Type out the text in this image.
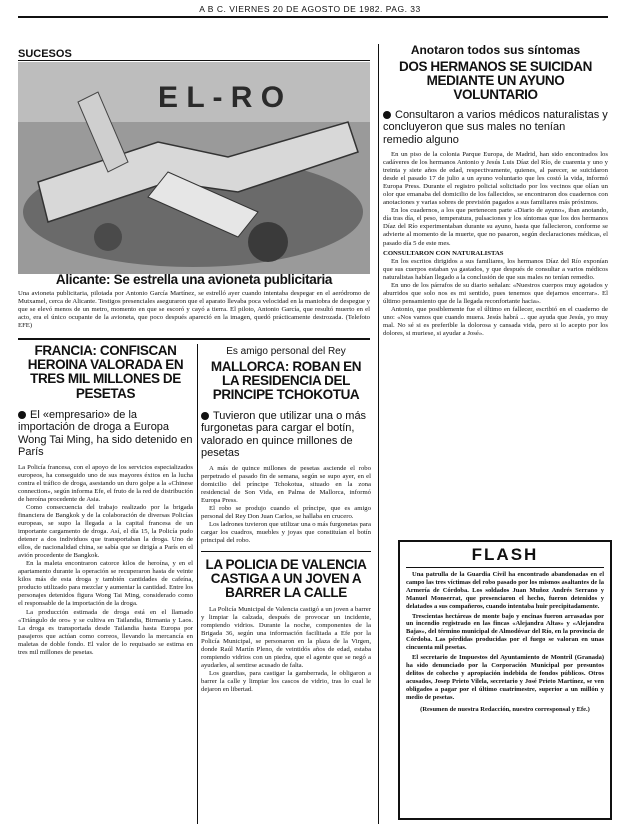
A B C. VIERNES 20 DE AGOSTO DE 1982. PAG. 33
SUCESOS
E L - R O
Alicante: Se estrella una avioneta publicitaria
Una avioneta publicitaria, pilotada por Antonio García Martínez, se estrelló ayer cuando intentaba despegar en el aeródromo de Mutxamel, cerca de Alicante. Testigos presenciales aseguraron que el aparato llevaba poca velocidad en la maniobra de despegue y que se elevó menos de un metro, momento en que se escoró y cayó a tierra. El piloto, Antonio García, que resultó muerto en el acto, era el único ocupante de la avioneta, que poco después apareció en la imagen, quedó prácticamente destrozada. (Telefoto EFE)
FRANCIA: CONFISCAN HEROINA VALORADA EN TRES MIL MILLONES DE PESETAS
El «empresario» de la importación de droga a Europa Wong Tai Ming, ha sido detenido en París

La Policía francesa, con el apoyo de los servicios especializados europeos, ha conseguido uno de sus mayores éxitos en la lucha contra el tráfico de droga, asestando un duro golpe a la «Chinese connection», según informa Efe, el fruto de la red de distribución de heroína procedente de Asia.

Como consecuencia del trabajo realizado por la brigada financiera de Bangkok y de la colaboración de diversas Policías europeas, se supo la llegada a la capital francesa de un importante cargamento de droga. Así, el día 15, la Policía pudo detener a dos individuos que transportaban la droga. Uno de ellos, de nacionalidad china, se sabía que se dirigía a París en el avión procedente de Bangkok.

En la maleta encontraron catorce kilos de heroína, y en el apartamento durante la operación se recuperaron hasta de veinte kilos más de esta droga y también cantidades de cafeína, producto utilizado para mezclar y aumentar la cantidad. Entre los personajes detenidos figura Wong Tai Ming, considerado como el responsable de la importación de la droga.

La producción estimada de droga está en el llamado «Triángulo de oro» y se cultiva en Tailandia, Birmania y Laos. La droga es transportada desde Tailandia hasta Europa por pasajeros que actúan como correos, llevando la mercancía en maletas de doble fondo. El valor de lo requisado se estima en tres mil millones de pesetas.

Es amigo personal del Rey
MALLORCA: ROBAN EN LA RESIDENCIA DEL PRINCIPE TCHOKOTUA
Tuvieron que utilizar una o más furgonetas para cargar el botín, valorado en quince millones de pesetas

A más de quince millones de pesetas asciende el robo perpetrado el pasado fin de semana, según se supo ayer, en el domicilio del príncipe Tchokotua, situado en la zona residencial de Son Vida, en Palma de Mallorca, informó Europa Press.

El robo se produjo cuando el príncipe, que es amigo personal del Rey Don Juan Carlos, se hallaba en crucero.

Los ladrones tuvieron que utilizar una o más furgonetas para cargar los cuadros, muebles y joyas que constituían el botín principal del robo.

LA POLICIA DE VALENCIA CASTIGA A UN JOVEN A BARRER LA CALLE

La Policía Municipal de Valencia castigó a un joven a barrer y limpiar la calzada, después de provocar un incidente, rompiendo vidrios. Durante la noche, componentes de la Brigada 36, según una información facilitada a Efe por la Policía Municipal, se personaron en la plaza de la Virgen, donde Raúl Martín Pleno, de veintidós años de edad, estaba rompiendo vidrios con un piedra, que el agente que se negó a ayudarles, al sentirse acusado de falta.

Los guardias, para castigar la gamberrada, le obligaron a barrer la calle y limpiar los cascos de vidrio, tras lo cual le dejaron en libertad.

Anotaron todos sus síntomas
DOS HERMANOS SE SUICIDAN MEDIANTE UN AYUNO VOLUNTARIO
Consultaron a varios médicos naturalistas y concluyeron que sus males no tenían remedio alguno

En un piso de la colonia Parque Europa, de Madrid, han sido encontrados los cadáveres de los hermanos Antonio y Jesús Luis Díaz del Río, de cuarenta y uno y treinta y siete años de edad, respectivamente, quienes, al parecer, se suicidaron desde el pasado 17 de julio a un ayuno voluntario que les costó la vida, informó Europa Press. Durante el registro policial solicitado por los vecinos que olían un olor que emanaba del domicilio de los fallecidos, se encontraron dos cuadernos con anotaciones y varias sobres de previsión pagados a sus familiares más próximos.

En los cuadernos, a los que pertenecen parte «Diario de ayuno», iban anotando, día tras día, el peso, temperatura, pulsaciones y los síntomas que los dos hermanos Díaz del Río experimentaban durante su ayuno, hasta que fallecieron, conforme se advierte al momento de la muerte, que no pasaron, según declaraciones médicas, el pasado día 5 de este mes.

CONSULTARON CON NATURALISTAS

En los escritos dirigidos a sus familiares, los hermanos Díaz del Río exponían que sus cuerpos estaban ya gastados, y que después de consultar a varios médicos naturalistas habían llegado a la conclusión de que sus males no tenían remedio.

En uno de los párrafos de su diario señalan: «Nuestros cuerpos muy agotados y aburridos que solo nos es mi sentido, pues tenemos que dejarnos encerrar». El último pensamiento que de la llegada reconfortante hacia».

Antonio, que posiblemente fue el último en fallecer, escribió en el cuaderno de uno: «Nos vamos que cuando muera. Jesús habrá ... que ayuda que Jesús, yo muy mal. No sé si es preferible la dolorosa y cansada vida, pero si lo acepto por los dolores, si muriese, si ayudar a José».

FLASH

Una patrulla de la Guardia Civil ha encontrado abandonadas en el campo las tres víctimas del robo pasado por los mismos asaltantes de la Armería de Córdoba. Los soldados Juan Muñoz Andrés Serrano y Manuel Monserrat, que presenciaron el hecho, fueron detenidos y delatados a sus compañeros, cuando intentaba huir precipitadamente.

Trescientas hectáreas de monte bajo y encinas fueron arrasadas por un incendio registrado en las fincas «Alejandra Altas» y «Alejandra Bajas», del término municipal de Almodóvar del Río, en la provincia de Córdoba. Las pérdidas producidas por el fuego se valoran en unas cincuenta mil pesetas.

El secretario de Impuestos del Ayuntamiento de Montril (Granada) ha sido denunciado por la Corporación Municipal por presuntos delitos de cohecho y apropiación indebida de fondos públicos. Otros acusados, Josep Prieto Vilela, secretario y José Prieto Martínez, se ven obligados a pagar por el último cuatrimestre, superior a un millón y medio de pesetas.

(Resumen de nuestra Redacción, nuestro corresponsal y Efe.)
